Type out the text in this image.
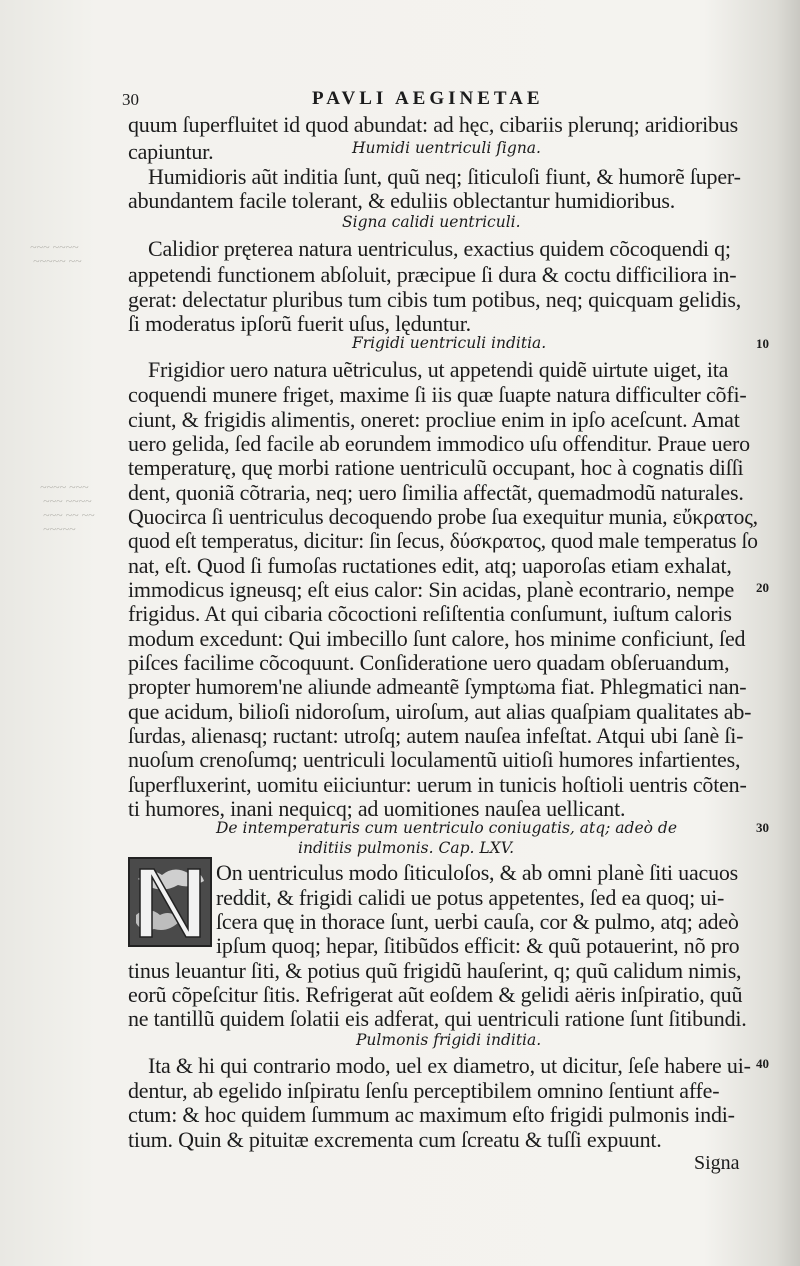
~~~ ~~~~
~~~~~ ~~
~~~~ ~~~
~~~ ~~~~
~~~ ~~ ~~
~~~~~
30	PAVLI AEGINETAE
quum ſuperfluitet id quod abundat: ad hęc, cibariis plerunq; aridioribus
capiuntur.	Humidi uentriculi ſigna.
Humidioris aũt inditia ſunt, quũ neq; ſiticuloſi fiunt, & humorẽ ſuper-
abundantem facile tolerant, & eduliis oblectantur humidioribus.
Signa calidi uentriculi.
Calidior pręterea natura uentriculus, exactius quidem cõcoquendi q;
appetendi functionem abſoluit, præcipue ſi dura & coctu difficiliora in-
gerat: delectatur pluribus tum cibis tum potibus, neq; quicquam gelidis,
ſi moderatus ipſorũ fuerit uſus, lęduntur.
Frigidi uentriculi inditia.
Frigidior uero natura uẽtriculus, ut appetendi quidẽ uirtute uiget, ita
coquendi munere friget, maxime ſi iis quæ ſuapte natura difficulter cõfi-
ciunt, & frigidis alimentis, oneret: procliue enim in ipſo aceſcunt. Amat
uero gelida, ſed facile ab eorundem immodico uſu offenditur. Praue uero
temperaturę, quę morbi ratione uentriculũ occupant, hoc à cognatis diſſi
dent, quoniã cõtraria, neq; uero ſimilia affectãt, quemadmodũ naturales.
Quocirca ſi uentriculus decoquendo probe ſua exequitur munia, εὔκρατος,
quod eſt temperatus, dicitur: ſin ſecus, δύσκρατος, quod male temperatus ſo
nat, eſt. Quod ſi fumoſas ructationes edit, atq; uaporoſas etiam exhalat,
immodicus igneusq; eſt eius calor: Sin acidas, planè econtrario, nempe
frigidus. At qui cibaria cõcoctioni reſiſtentia conſumunt, iuſtum caloris
modum excedunt: Qui imbecillo ſunt calore, hos minime conficiunt, ſed
piſces facilime cõcoquunt. Conſideratione uero quadam obſeruandum,
propter humorem'ne aliunde admeantẽ ſymptωma fiat. Phlegmatici nan-
que acidum, bilioſi nidoroſum, uiroſum, aut alias quaſpiam qualitates ab-
ſurdas, alienasq; ructant: utroſq; autem nauſea infeſtat. Atqui ubi ſanè ſi-
nuoſum crenoſumq; uentriculi loculamentũ uitioſi humores infartientes,
ſuperfluxerint, uomitu eiiciuntur: uerum in tunicis hoſtioli uentris cõten-
ti humores, inani nequicq; ad uomitiones nauſea uellicant.
De intemperaturis cum uentriculo coniugatis, atq; adeò de
inditiis pulmonis. Cap. LXV.
On uentriculus modo ſiticuloſos, & ab omni planè ſiti uacuos
reddit, & frigidi calidi ue potus appetentes, ſed ea quoq; ui-
ſcera quę in thorace ſunt, uerbi cauſa, cor & pulmo, atq; adeò
ipſum quoq; hepar, ſitibũdos efficit: & quũ potauerint, nõ pro
tinus leuantur ſiti, & potius quũ frigidũ hauſerint, q; quũ calidum nimis,
eorũ cõpeſcitur ſitis. Refrigerat aũt eoſdem & gelidi aëris inſpiratio, quũ
ne tantillũ quidem ſolatii eis adferat, qui uentriculi ratione ſunt ſitibundi.
Pulmonis frigidi inditia.
Ita & hi qui contrario modo, uel ex diametro, ut dicitur, ſeſe habere ui-
dentur, ab egelido inſpiratu ſenſu perceptibilem omnino ſentiunt affe-
ctum: & hoc quidem ſummum ac maximum eſto frigidi pulmonis indi-
tium. Quin & pituitæ excrementa cum ſcreatu & tuſſi expuunt.
10
20
30
40
Signa
